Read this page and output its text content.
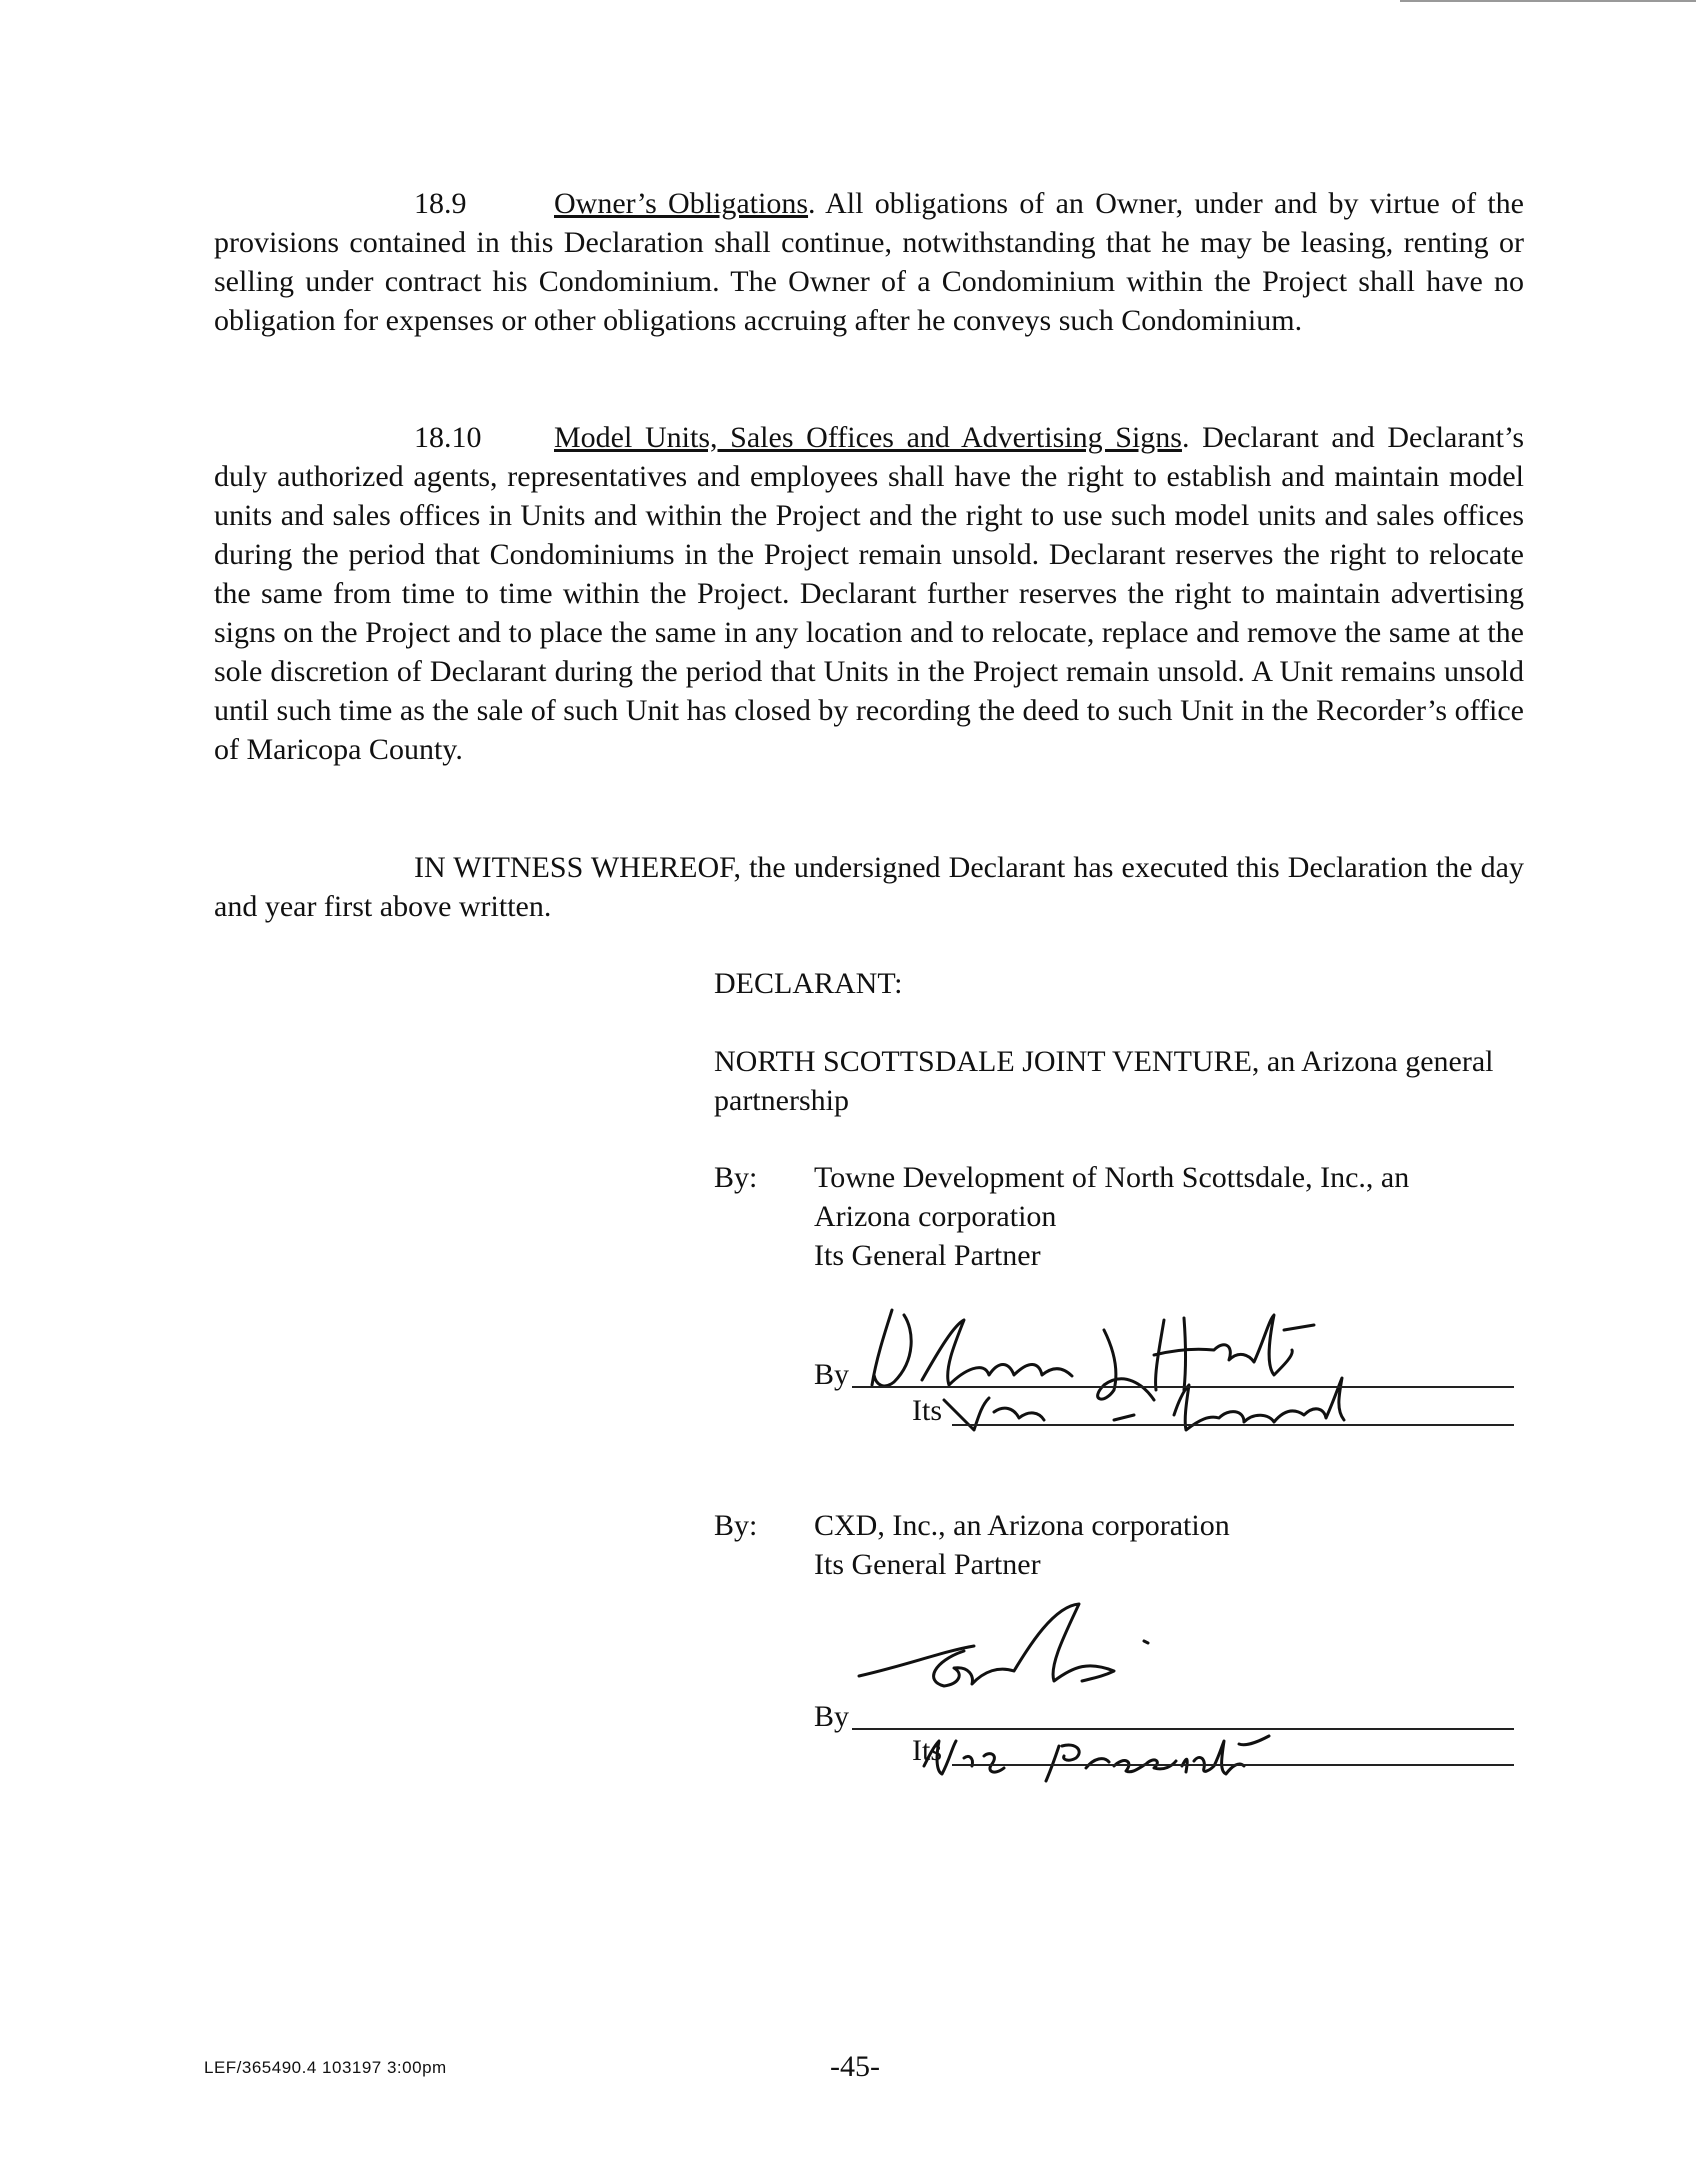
18.9	Owner’s Obligations. All obligations of an Owner, under and by virtue of the provisions contained in this Declaration shall continue, notwithstanding that he may be leasing, renting or selling under contract his Condominium. The Owner of a Condominium within the Project shall have no obligation for expenses or other obligations accruing after he conveys such Condominium.

18.10 Model Units, Sales Offices and Advertising Signs. Declarant and Declarant’s duly authorized agents, representatives and employees shall have the right to establish and maintain model units and sales offices in Units and within the Project and the right to use such model units and sales offices during the period that Condominiums in the Project remain unsold. Declarant reserves the right to relocate the same from time to time within the Project. Declarant further reserves the right to maintain advertising signs on the Project and to place the same in any location and to relocate, replace and remove the same at the sole discretion of Declarant during the period that Units in the Project remain unsold. A Unit remains unsold until such time as the sale of such Unit has closed by recording the deed to such Unit in the Recorder’s office of Maricopa County.

IN WITNESS WHEREOF, the undersigned Declarant has executed this Declaration the day and year first above written.

DECLARANT:

NORTH SCOTTSDALE JOINT VENTURE, an Arizona general partnership

By: Towne Development of North Scottsdale, Inc., an
Arizona corporation
Its General Partner
By
Its
By: CXD, Inc., an Arizona corporation
Its General Partner
By
Its
LEF/365490.4 103197 3:00pm	-45-
